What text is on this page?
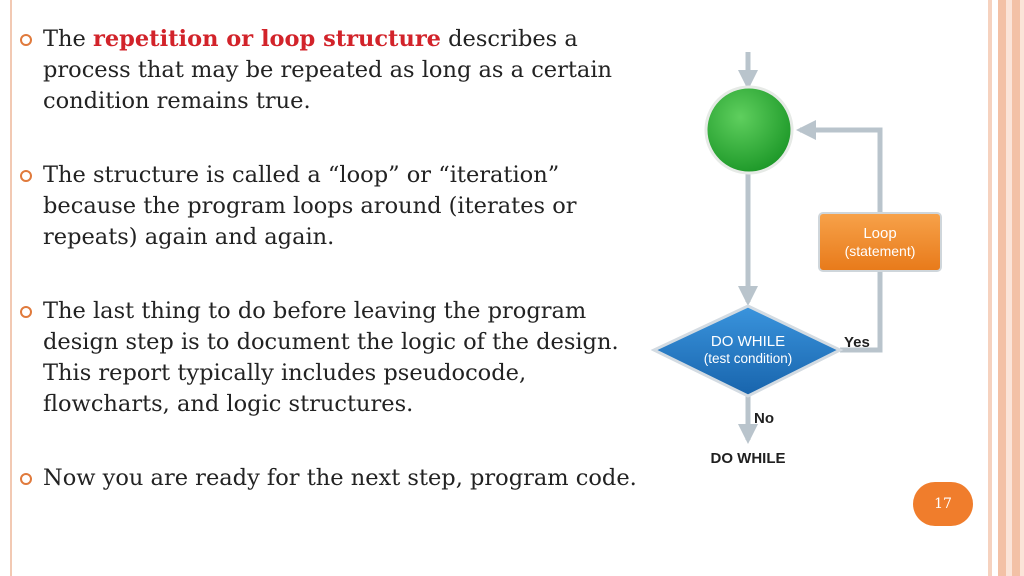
The repetition or loop structure describes a process that may be repeated as long as a certain condition remains true.
The structure is called a “loop” or “iteration” because the program loops around (iterates or repeats) again and again.
The last thing to do before leaving the program design step is to document the logic of the design. This report typically includes pseudocode, flowcharts, and logic structures.
Now you are ready for the next step, program code.
Loop
(statement)
DO WHILE
(test condition)
Yes
No
DO WHILE
17
